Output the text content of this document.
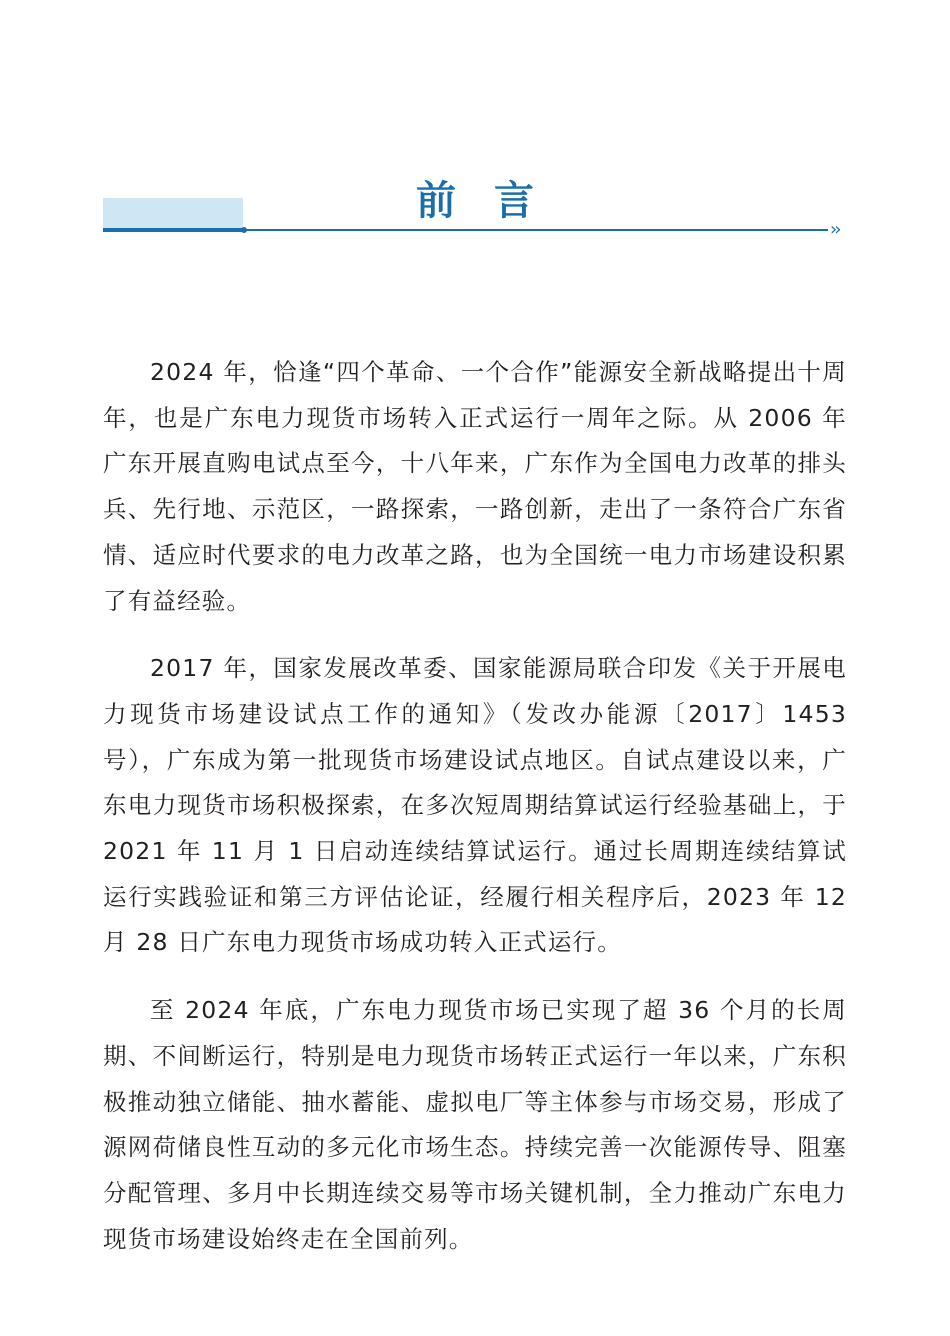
››
前言

2024 年，恰逢“四个革命、一个合作”能源安全新战略提出十周年，也是广东电力现货市场转入正式运行一周年之际。从 2006 年广东开展直购电试点至今，十八年来，广东作为全国电力改革的排头兵、先行地、示范区，一路探索，一路创新，走出了一条符合广东省情、适应时代要求的电力改革之路，也为全国统一电力市场建设积累了有益经验。

2017 年，国家发展改革委、国家能源局联合印发《关于开展电力现货市场建设试点工作的通知》（发改办能源〔2017〕1453 号），广东成为第一批现货市场建设试点地区。自试点建设以来，广东电力现货市场积极探索，在多次短周期结算试运行经验基础上，于 2021 年 11 月 1 日启动连续结算试运行。通过长周期连续结算试运行实践验证和第三方评估论证，经履行相关程序后，2023 年 12 月 28 日广东电力现货市场成功转入正式运行。

至 2024 年底，广东电力现货市场已实现了超 36 个月的长周期、不间断运行，特别是电力现货市场转正式运行一年以来，广东积极推动独立储能、抽水蓄能、虚拟电厂等主体参与市场交易，形成了源网荷储良性互动的多元化市场生态。持续完善一次能源传导、阻塞分配管理、多月中长期连续交易等市场关键机制，全力推动广东电力现货市场建设始终走在全国前列。
